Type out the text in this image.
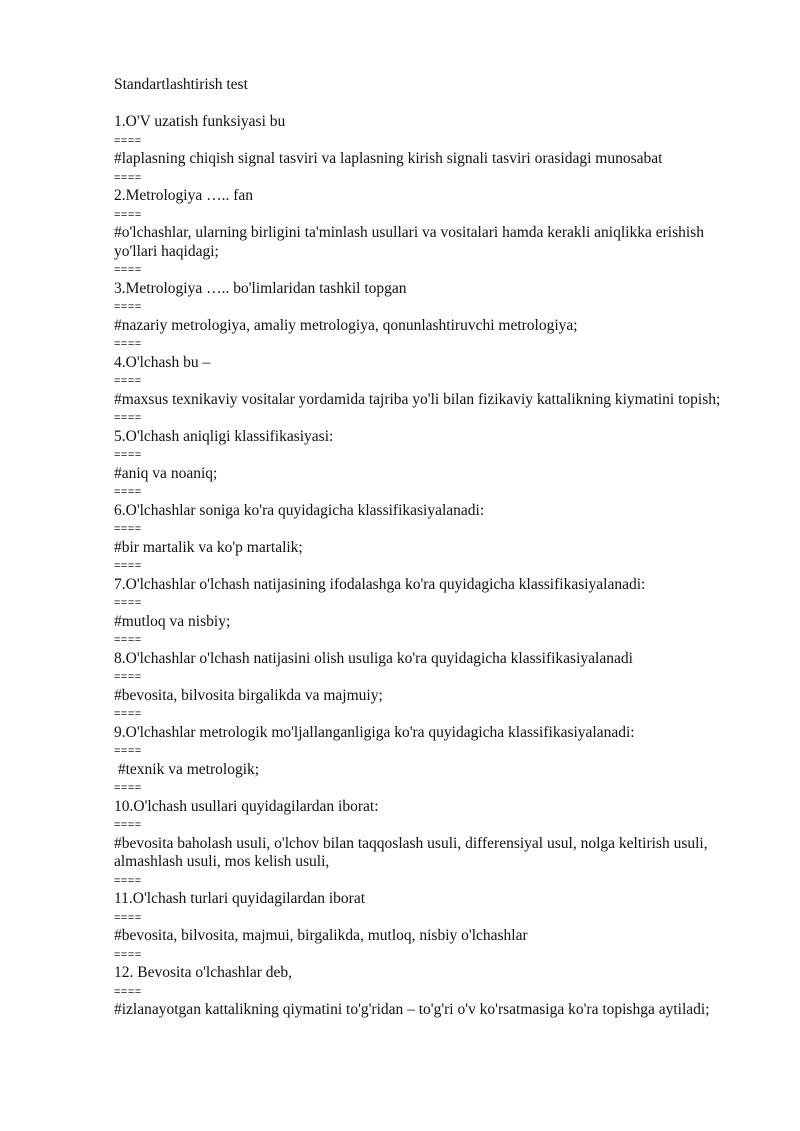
Standartlashtirish test
1.O'V uzatish funksiyasi bu
====
#laplasning chiqish signal tasviri va laplasning kirish signali tasviri orasidagi munosabat
====
2.Metrologiya ….. fan
====
#o'lchashlar, ularning birligini ta'minlash usullari va vositalari hamda kerakli aniqlikka erishish yo'llari haqidagi;
====
3.Metrologiya ….. bo'limlaridan tashkil topgan
====
#nazariy metrologiya, amaliy metrologiya, qonunlashtiruvchi metrologiya;
====
4.O'lchash bu –
====
#maxsus texnikaviy vositalar yordamida tajriba yo'li bilan fizikaviy kattalikning kiymatini topish;
====
5.O'lchash aniqligi klassifikasiyasi:
====
#aniq va noaniq;
====
6.O'lchashlar soniga ko'ra quyidagicha klassifikasiyalanadi:
====
#bir martalik va ko'p martalik;
====
7.O'lchashlar o'lchash natijasining ifodalashga ko'ra quyidagicha klassifikasiyalanadi:
====
#mutloq va nisbiy;
====
8.O'lchashlar o'lchash natijasini olish usuliga ko'ra quyidagicha klassifikasiyalanadi
====
#bevosita, bilvosita birgalikda va majmuiy;
====
9.O'lchashlar metrologik mo'ljallanganligiga ko'ra quyidagicha klassifikasiyalanadi:
====
#texnik va metrologik;
====
10.O'lchash usullari quyidagilardan iborat:
====
#bevosita baholash usuli, o'lchov bilan taqqoslash usuli, differensiyal usul, nolga keltirish usuli, almashlash usuli, mos kelish usuli,
====
11.O'lchash turlari quyidagilardan iborat
====
#bevosita, bilvosita, majmui, birgalikda, mutloq, nisbiy o'lchashlar
====
12. Bevosita o'lchashlar deb,
====
#izlanayotgan kattalikning qiymatini to'g'ridan – to'g'ri o'v ko'rsatmasiga ko'ra topishga aytiladi;
